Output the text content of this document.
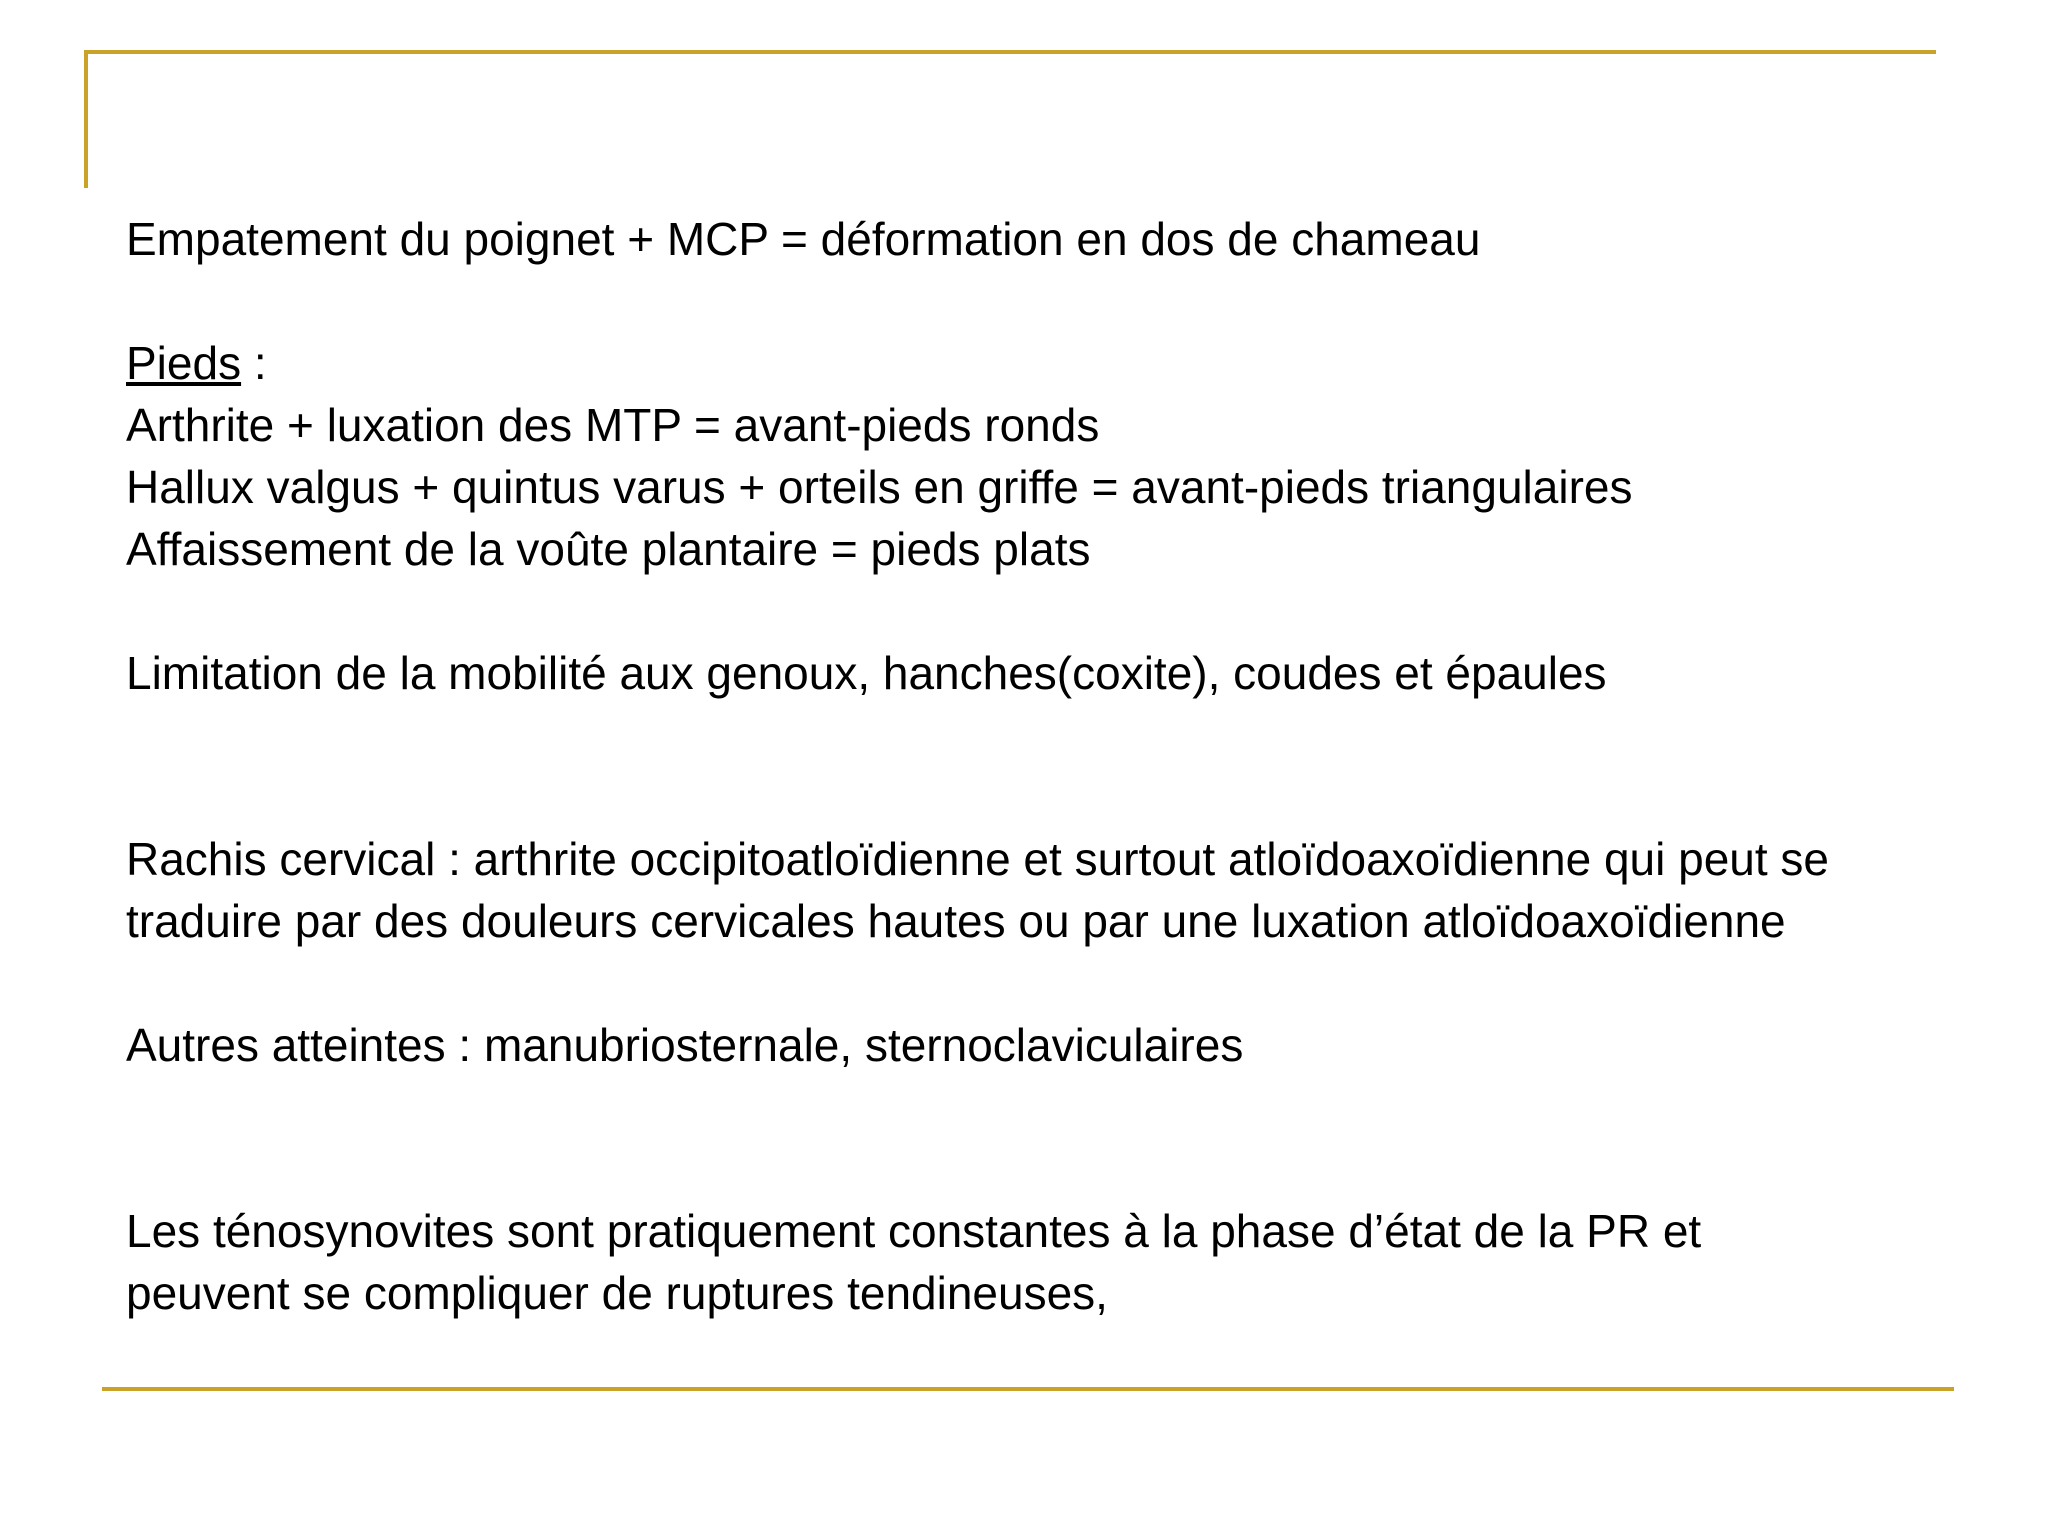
Empatement du poignet + MCP = déformation en dos de chameau
Pieds :
Arthrite + luxation des MTP = avant-pieds ronds
Hallux valgus + quintus varus + orteils en griffe = avant-pieds triangulaires
Affaissement de la voûte plantaire = pieds plats
Limitation de la mobilité aux genoux, hanches(coxite), coudes et épaules
Rachis cervical : arthrite occipitoatloïdienne et surtout atloïdoaxoïdienne qui peut se
traduire par des douleurs cervicales hautes ou par une luxation atloïdoaxoïdienne
Autres atteintes : manubriosternale, sternoclaviculaires
Les ténosynovites sont pratiquement constantes à la phase d’état de la PR et
peuvent se compliquer de ruptures tendineuses,
